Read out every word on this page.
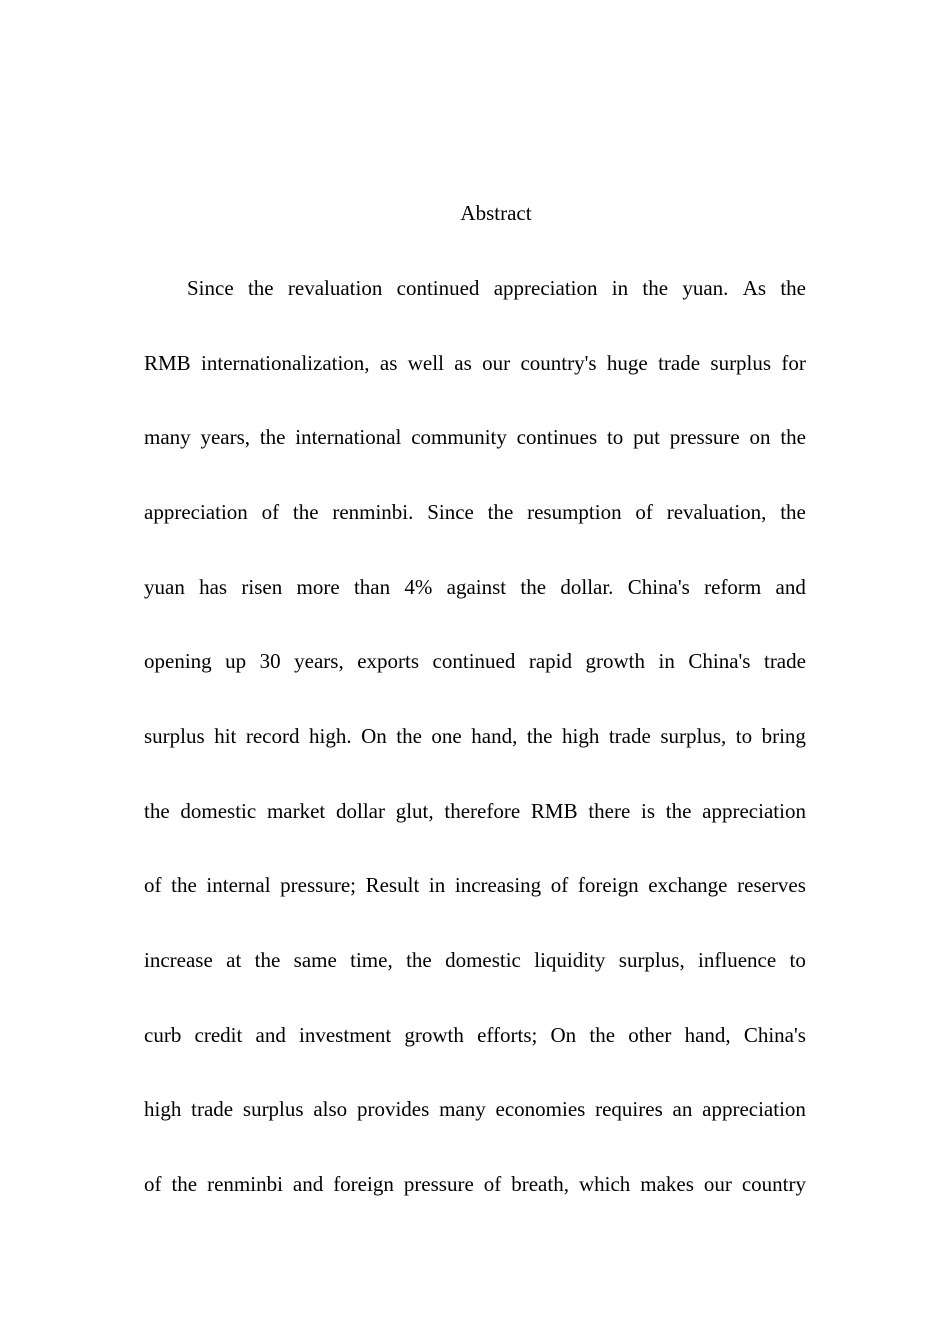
Abstract
Since the revaluation continued appreciation in the yuan. As the
RMB internationalization, as well as our country's huge trade surplus for
many years, the international community continues to put pressure on the
appreciation of the renminbi. Since the resumption of revaluation, the
yuan has risen more than 4% against the dollar. China's reform and
opening up 30 years, exports continued rapid growth in China's trade
surplus hit record high. On the one hand, the high trade surplus, to bring
the domestic market dollar glut, therefore RMB there is the appreciation
of the internal pressure; Result in increasing of foreign exchange reserves
increase at the same time, the domestic liquidity surplus, influence to
curb credit and investment growth efforts; On the other hand, China's
high trade surplus also provides many economies requires an appreciation
of the renminbi and foreign pressure of breath, which makes our country
